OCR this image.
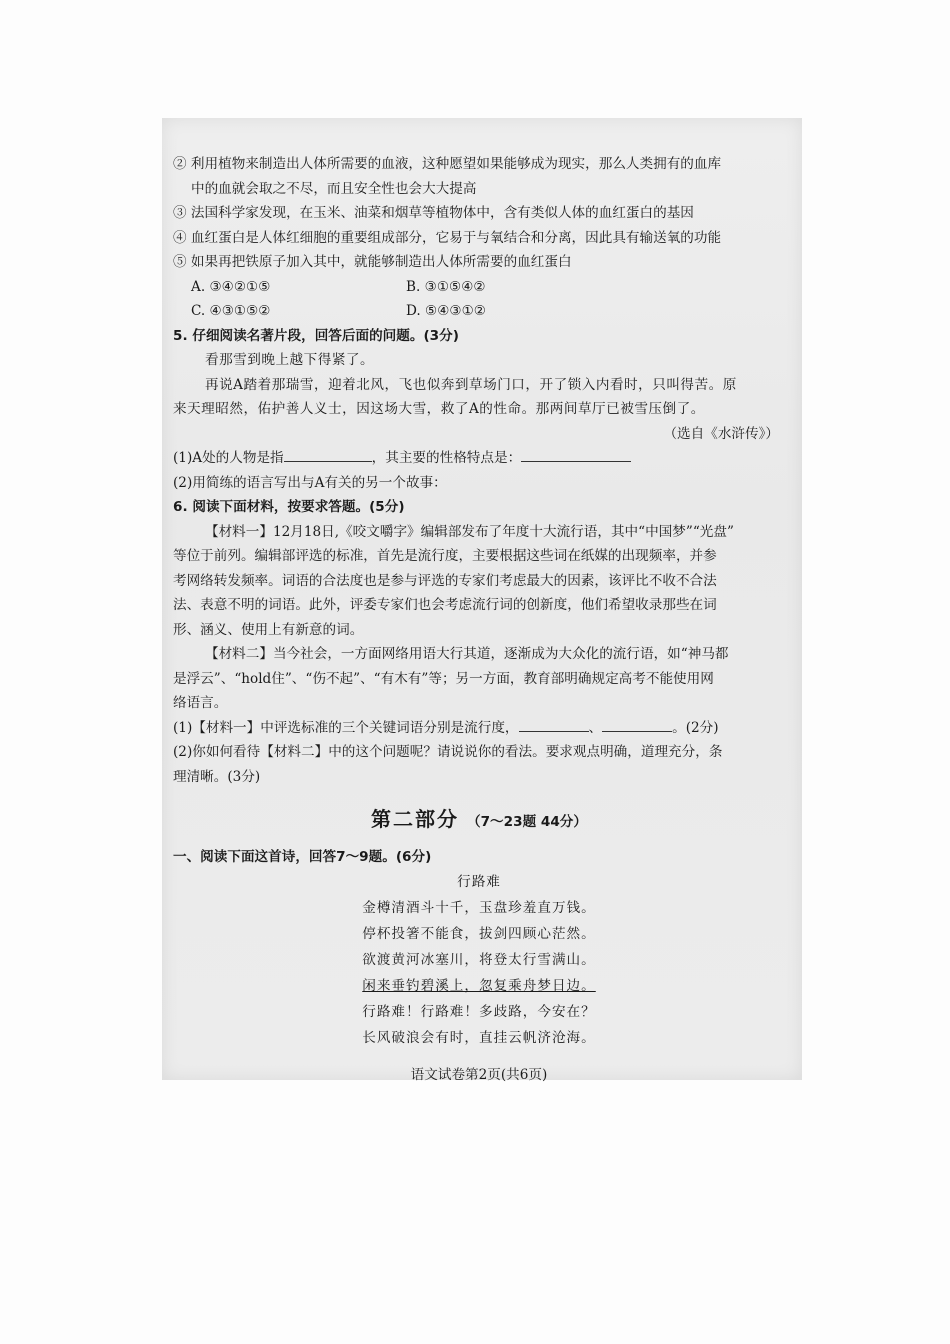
② 利用植物来制造出人体所需要的血液，这种愿望如果能够成为现实，那么人类拥有的血库
中的血就会取之不尽，而且安全性也会大大提高
③ 法国科学家发现，在玉米、油菜和烟草等植物体中，含有类似人体的血红蛋白的基因
④ 血红蛋白是人体红细胞的重要组成部分，它易于与氧结合和分离，因此具有输送氧的功能
⑤ 如果再把铁原子加入其中，就能够制造出人体所需要的血红蛋白
A. ③④②①⑤	B. ③①⑤④②
C. ④③①⑤②	D. ⑤④③①②
5. 仔细阅读名著片段，回答后面的问题。(3分)
看那雪到晚上越下得紧了。
再说A踏着那瑞雪，迎着北风，飞也似奔到草场门口，开了锁入内看时，只叫得苦。原
来天理昭然，佑护善人义士，因这场大雪，救了A的性命。那两间草厅已被雪压倒了。
（选自《水浒传》）
(1)A处的人物是指	，其主要的性格特点是：
(2)用简练的语言写出与A有关的另一个故事：
6. 阅读下面材料，按要求答题。(5分)
【材料一】12月18日,《咬文嚼字》编辑部发布了年度十大流行语，其中“中国梦”“光盘”
等位于前列。编辑部评选的标准，首先是流行度，主要根据这些词在纸媒的出现频率，并参
考网络转发频率。词语的合法度也是参与评选的专家们考虑最大的因素，该评比不收不合法
法、表意不明的词语。此外，评委专家们也会考虑流行词的创新度，他们希望收录那些在词
形、涵义、使用上有新意的词。
【材料二】当今社会，一方面网络用语大行其道，逐渐成为大众化的流行语，如“神马都
是浮云”、“hold住”、“伤不起”、“有木有”等；另一方面，教育部明确规定高考不能使用网
络语言。
(1)【材料一】中评选标准的三个关键词语分别是流行度，	、	。(2分)
(2)你如何看待【材料二】中的这个问题呢？请说说你的看法。要求观点明确，道理充分，条
理清晰。(3分)
第二部分 （7～23题 44分）
一、阅读下面这首诗，回答7～9题。(6分)
行路难
金樽清酒斗十千，玉盘珍羞直万钱。
停杯投箸不能食，拔剑四顾心茫然。
欲渡黄河冰塞川，将登太行雪满山。
闲来垂钓碧溪上，忽复乘舟梦日边。
行路难！行路难！多歧路，今安在？
长风破浪会有时，直挂云帆济沧海。
语文试卷第2页(共6页)
